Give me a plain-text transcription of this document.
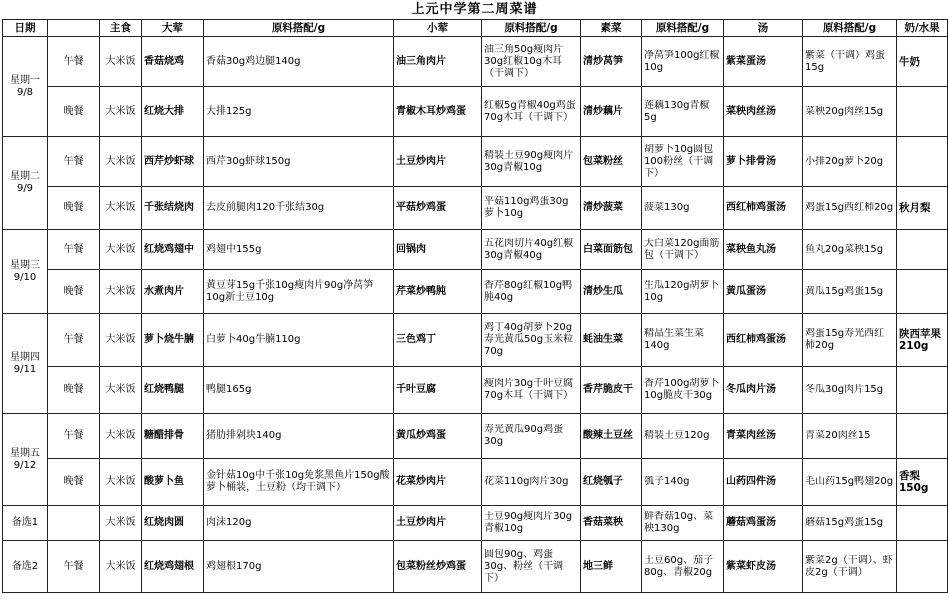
上元中学第二周菜谱
日期		主食	大荤	原料搭配/g	小荤	原料搭配/g	素菜	原料搭配/g	汤	原料搭配/g	奶/水果
星期一 9/8	午餐	大米饭	香菇烧鸡	香菇30g鸡边腿140g	油三角肉片	油三角50g瘦肉片30g红椒10g木耳（干调下）	清炒莴笋	净莴笋100g红椒10g	紫菜蛋汤	紫菜（干调）鸡蛋15g	牛奶
	晚餐	大米饭	红烧大排	大排125g	青椒木耳炒鸡蛋	红椒5g青椒40g鸡蛋70g木耳（干调下）	清炒藕片	莲藕130g青椒5g	菜秧肉丝汤	菜秧20g肉丝15g	

星期二 9/9	午餐	大米饭	西芹炒虾球	西芹30g虾球150g	土豆炒肉片	精装土豆90g瘦肉片30g青椒10g	包菜粉丝	胡萝卜10g圆包100粉丝（干调下）	萝卜排骨汤	小排20g萝卜20g	

	晚餐	大米饭	千张结烧肉	去皮前腿肉120千张结30g	平菇炒鸡蛋	平菇110g鸡蛋30g萝卜10g	清炒菠菜	菠菜130g	西红柿鸡蛋汤	鸡蛋15g西红柿20g	秋月梨
星期三 9/10	午餐	大米饭	红烧鸡翅中	鸡翅中155g	回锅肉	五花肉切片40g红椒30g青椒40g	白菜面筋包	大白菜120g面筋包（干调下）	菜秧鱼丸汤	鱼丸20g菜秧15g	

	晚餐	大米饭	水煮肉片	黄豆芽15g千张10g瘦肉片90g净莴笋10g新土豆10g	芹菜炒鸭肫	香芹80g红椒10g鸭肫40g	清炒生瓜	生瓜120g胡萝卜10g	黄瓜蛋汤	黄瓜15g鸡蛋15g	

星期四 9/11	午餐	大米饭	萝卜烧牛腩	白萝卜40g牛腩110g	三色鸡丁	鸡丁40g胡萝卜20g寿光黄瓜50g玉米粒70g	蚝油生菜	精品生菜生菜140g	西红柿鸡蛋汤	鸡蛋15g寿光西红柿20g	陕西苹果210g
	晚餐	大米饭	红烧鸭腿	鸭腿165g	千叶豆腐	瘦肉片30g千叶豆腐70g木耳（干调下）	香芹脆皮干	香芹100g胡萝卜10g脆皮干30g	冬瓜肉片汤	冬瓜30g肉片15g	

星期五 9/12	午餐	大米饭	糖醋排骨	猪肋排剁块140g	黄瓜炒鸡蛋	寿光黄瓜90g鸡蛋30g	酸辣土豆丝	精装土豆120g	青菜肉丝汤	青菜20肉丝15	

	晚餐	大米饭	酸萝卜鱼	金针菇10g中千张10g免浆黑鱼片150g酸萝卜桶装，土豆粉（均干调下）	花菜炒肉片	花菜110g肉片30g	红烧瓠子	瓠子140g	山药四件汤	毛山药15g鸭翅20g	香梨150g
备选1		大米饭	红烧肉圆	肉沫120g	土豆炒肉片	土豆90g瘦肉片30g青椒10g	香菇菜秧	鲜香菇10g、菜秧130g	蘑菇鸡蛋汤	蘑菇15g鸡蛋15g	

备选2	午餐	大米饭	红烧鸡翅根	鸡翅根170g	包菜粉丝炒鸡蛋	圆包90g、鸡蛋30g、粉丝（干调下）	地三鲜	土豆60g、茄子80g、青椒20g	紫菜虾皮汤	紫菜2g（干调）、虾皮2g（干调）	
